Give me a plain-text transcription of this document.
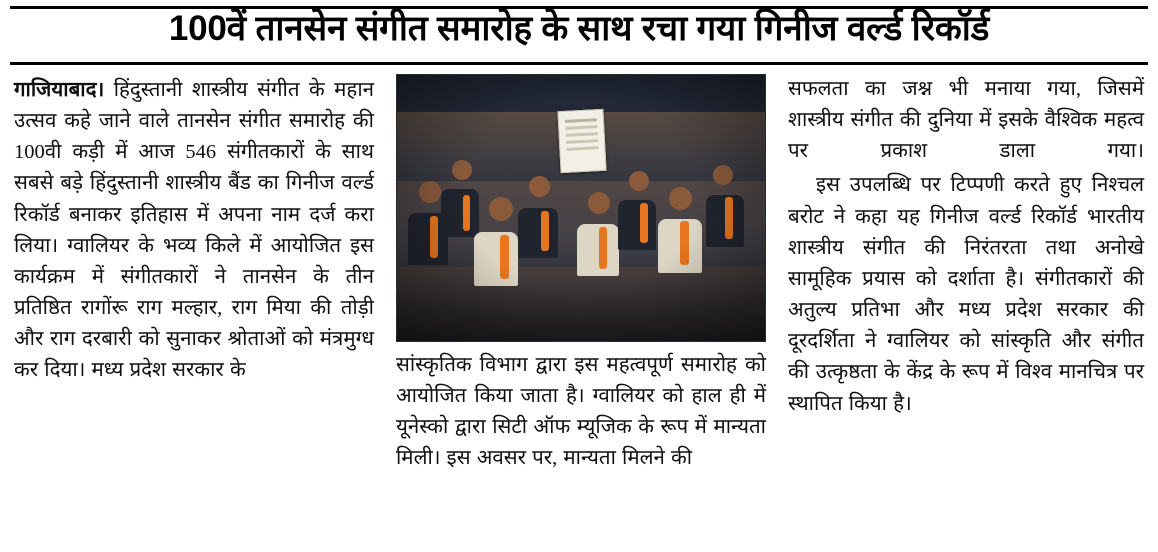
100वें तानसेन संगीत समारोह के साथ रचा गया गिनीज वर्ल्ड रिकॉर्ड

गाजियाबाद। हिंदुस्तानी शास्त्रीय संगीत के महान उत्सव कहे जाने वाले तानसेन संगीत समारोह की 100वी कड़ी में आज 546 संगीतकारों के साथ सबसे बड़े हिंदुस्तानी शास्त्रीय बैंड का गिनीज वर्ल्ड रिकॉर्ड बनाकर इतिहास में अपना नाम दर्ज करा लिया। ग्वालियर के भव्य किले में आयोजित इस कार्यक्रम में संगीतकारों ने तानसेन के तीन प्रतिष्ठित रागोंरू राग मल्हार, राग मिया की तोड़ी और राग दरबारी को सुनाकर श्रोताओं को मंत्रमुग्ध कर दिया। मध्य प्रदेश सरकार के	सांस्कृतिक विभाग द्वारा इस महत्वपूर्ण समारोह को आयोजित किया जाता है। ग्वालियर को हाल ही में यूनेस्को द्वारा सिटी ऑफ म्यूजिक के रूप में मान्यता मिली। इस अवसर पर, मान्यता मिलने की

सफलता का जश्न भी मनाया गया, जिसमें शास्त्रीय संगीत की दुनिया में इसके वैश्विक महत्व पर प्रकाश डाला गया।

इस उपलब्धि पर टिप्पणी करते हुए निश्चल बरोट ने कहा यह गिनीज वर्ल्ड रिकॉर्ड भारतीय शास्त्रीय संगीत की निरंतरता तथा अनोखे सामूहिक प्रयास को दर्शाता है। संगीतकारों की अतुल्य प्रतिभा और मध्य प्रदेश सरकार की दूरदर्शिता ने ग्वालियर को सांस्कृति और संगीत की उत्कृष्ठता के केंद्र के रूप में विश्व मानचित्र पर स्थापित किया है।
